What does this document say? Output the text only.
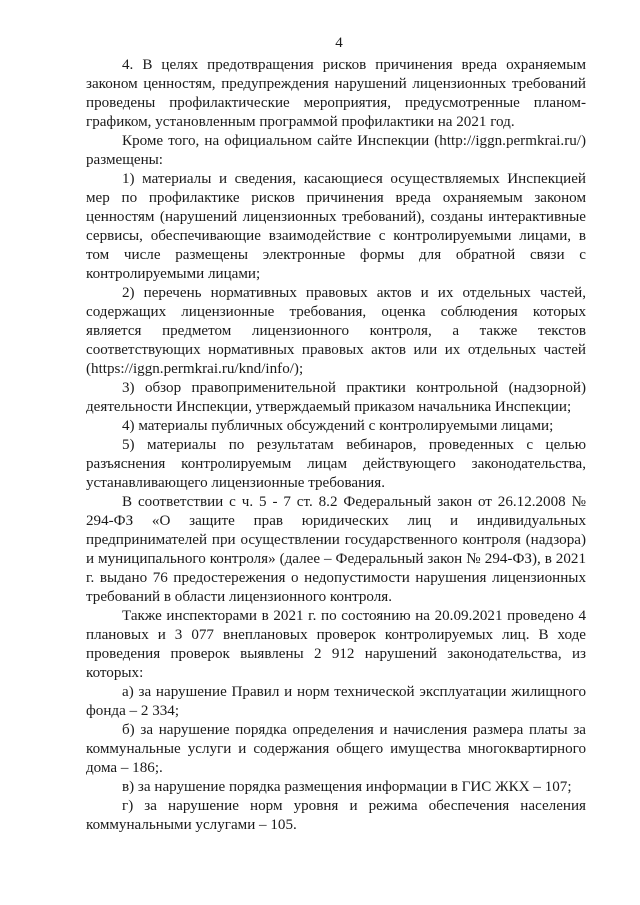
4

4. В целях предотвращения рисков причинения вреда охраняемым законом ценностям, предупреждения нарушений лицензионных требований проведены профилактические мероприятия, предусмотренные планом-графиком, установленным программой профилактики на 2021 год.

Кроме того, на официальном сайте Инспекции (http://iggn.permkrai.ru/) размещены:

1) материалы и сведения, касающиеся осуществляемых Инспекцией мер по профилактике рисков причинения вреда охраняемым законом ценностям (нарушений лицензионных требований), созданы интерактивные сервисы, обеспечивающие взаимодействие с контролируемыми лицами, в том числе размещены электронные формы для обратной связи с контролируемыми лицами;

2) перечень нормативных правовых актов и их отдельных частей, содержащих лицензионные требования, оценка соблюдения которых является предметом лицензионного контроля, а также текстов соответствующих нормативных правовых актов или их отдельных частей (https://iggn.permkrai.ru/knd/info/);

3) обзор правоприменительной практики контрольной (надзорной) деятельности Инспекции, утверждаемый приказом начальника Инспекции;

4) материалы публичных обсуждений с контролируемыми лицами;

5) материалы по результатам вебинаров, проведенных с целью разъяснения контролируемым лицам действующего законодательства, устанавливающего лицензионные требования.

В соответствии с ч. 5 - 7 ст. 8.2 Федеральный закон от 26.12.2008 № 294-ФЗ «О защите прав юридических лиц и индивидуальных предпринимателей при осуществлении государственного контроля (надзора) и муниципального контроля» (далее – Федеральный закон № 294-ФЗ), в 2021 г. выдано 76 предостережения о недопустимости нарушения лицензионных требований в области лицензионного контроля.

Также инспекторами в 2021 г. по состоянию на 20.09.2021 проведено 4 плановых и 3 077 внеплановых проверок контролируемых лиц. В ходе проведения проверок выявлены 2 912 нарушений законодательства, из которых:

а) за нарушение Правил и норм технической эксплуатации жилищного фонда – 2 334;

б) за нарушение порядка определения и начисления размера платы за коммунальные услуги и содержания общего имущества многоквартирного дома – 186;.

в) за нарушение порядка размещения информации в ГИС ЖКХ – 107;

г) за нарушение норм уровня и режима обеспечения населения коммунальными услугами – 105.
